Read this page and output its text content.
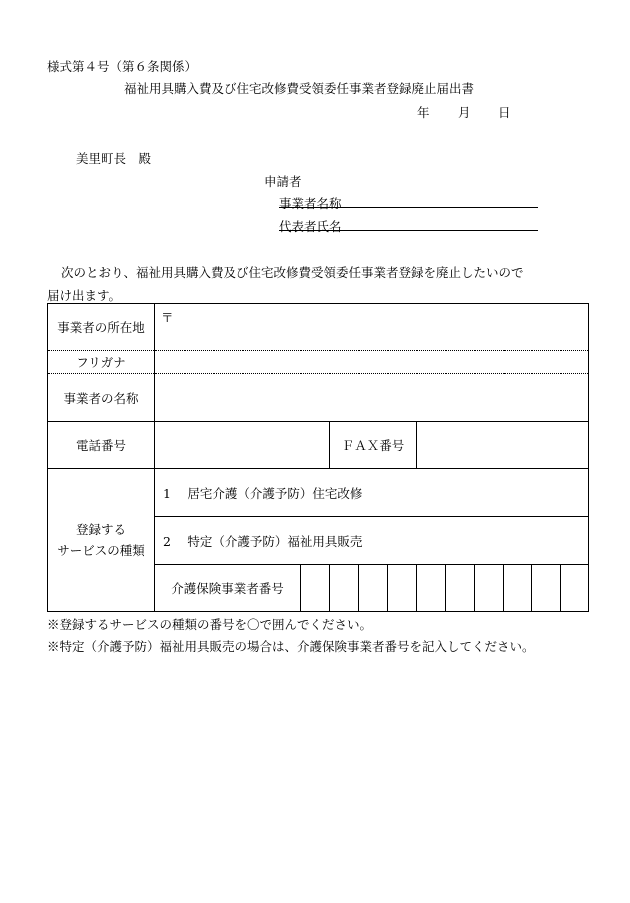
様式第４号（第６条関係）
福祉用具購入費及び住宅改修費受領委任事業者登録廃止届出書
年 月 日
美里町長　殿
申請者
事業者名称
代表者氏名
次のとおり、福祉用具購入費及び住宅改修費受領委任事業者登録を廃止したいので
届け出ます。
事業者の所在地	〒										
フリガナ											
事業者の名称											
電話番号			ＦＡＸ番号								

登録する
サービスの種類	1　 居宅介護（介護予防）住宅改修										
	2　 特定（介護予防）福祉用具販売										
	介護保険事業者番号										
※登録するサービスの種類の番号を〇で囲んでください。
※特定（介護予防）福祉用具販売の場合は、介護保険事業者番号を記入してください。
